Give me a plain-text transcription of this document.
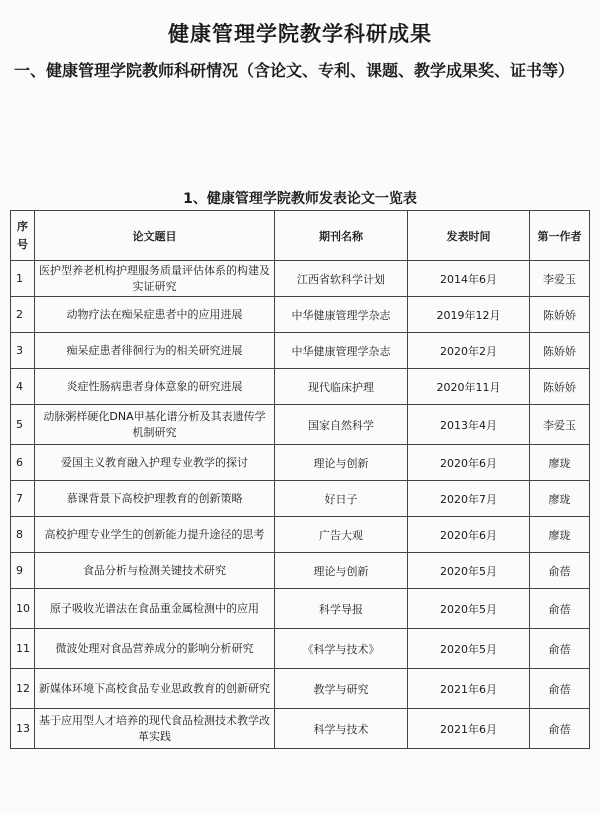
健康管理学院教学科研成果
一、健康管理学院教师科研情况（含论文、专利、课题、教学成果奖、证书等）
1、健康管理学院教师发表论文一览表
序号	论文题目	期刊名称	发表时间	第一作者
1	医护型养老机构护理服务质量评估体系的构建及实证研究	江西省软科学计划	2014年6月	李爱玉
2	动物疗法在痴呆症患者中的应用进展	中华健康管理学杂志	2019年12月	陈娇娇
3	痴呆症患者徘徊行为的相关研究进展	中华健康管理学杂志	2020年2月	陈娇娇
4	炎症性肠病患者身体意象的研究进展	现代临床护理	2020年11月	陈娇娇
5	动脉粥样硬化DNA甲基化谱分析及其表遗传学机制研究	国家自然科学	2013年4月	李爱玉
6	爱国主义教育融入护理专业教学的探讨	理论与创新	2020年6月	廖珑
7	慕课背景下高校护理教育的创新策略	好日子	2020年7月	廖珑
8	高校护理专业学生的创新能力提升途径的思考	广告大观	2020年6月	廖珑
9	食品分析与检测关键技术研究	理论与创新	2020年5月	俞蓓
10	原子吸收光谱法在食品重金属检测中的应用	科学导报	2020年5月	俞蓓
11	微波处理对食品营养成分的影响分析研究	《科学与技术》	2020年5月	俞蓓
12	新媒体环境下高校食品专业思政教育的创新研究	教学与研究	2021年6月	俞蓓
13	基于应用型人才培养的现代食品检测技术教学改革实践	科学与技术	2021年6月	俞蓓
